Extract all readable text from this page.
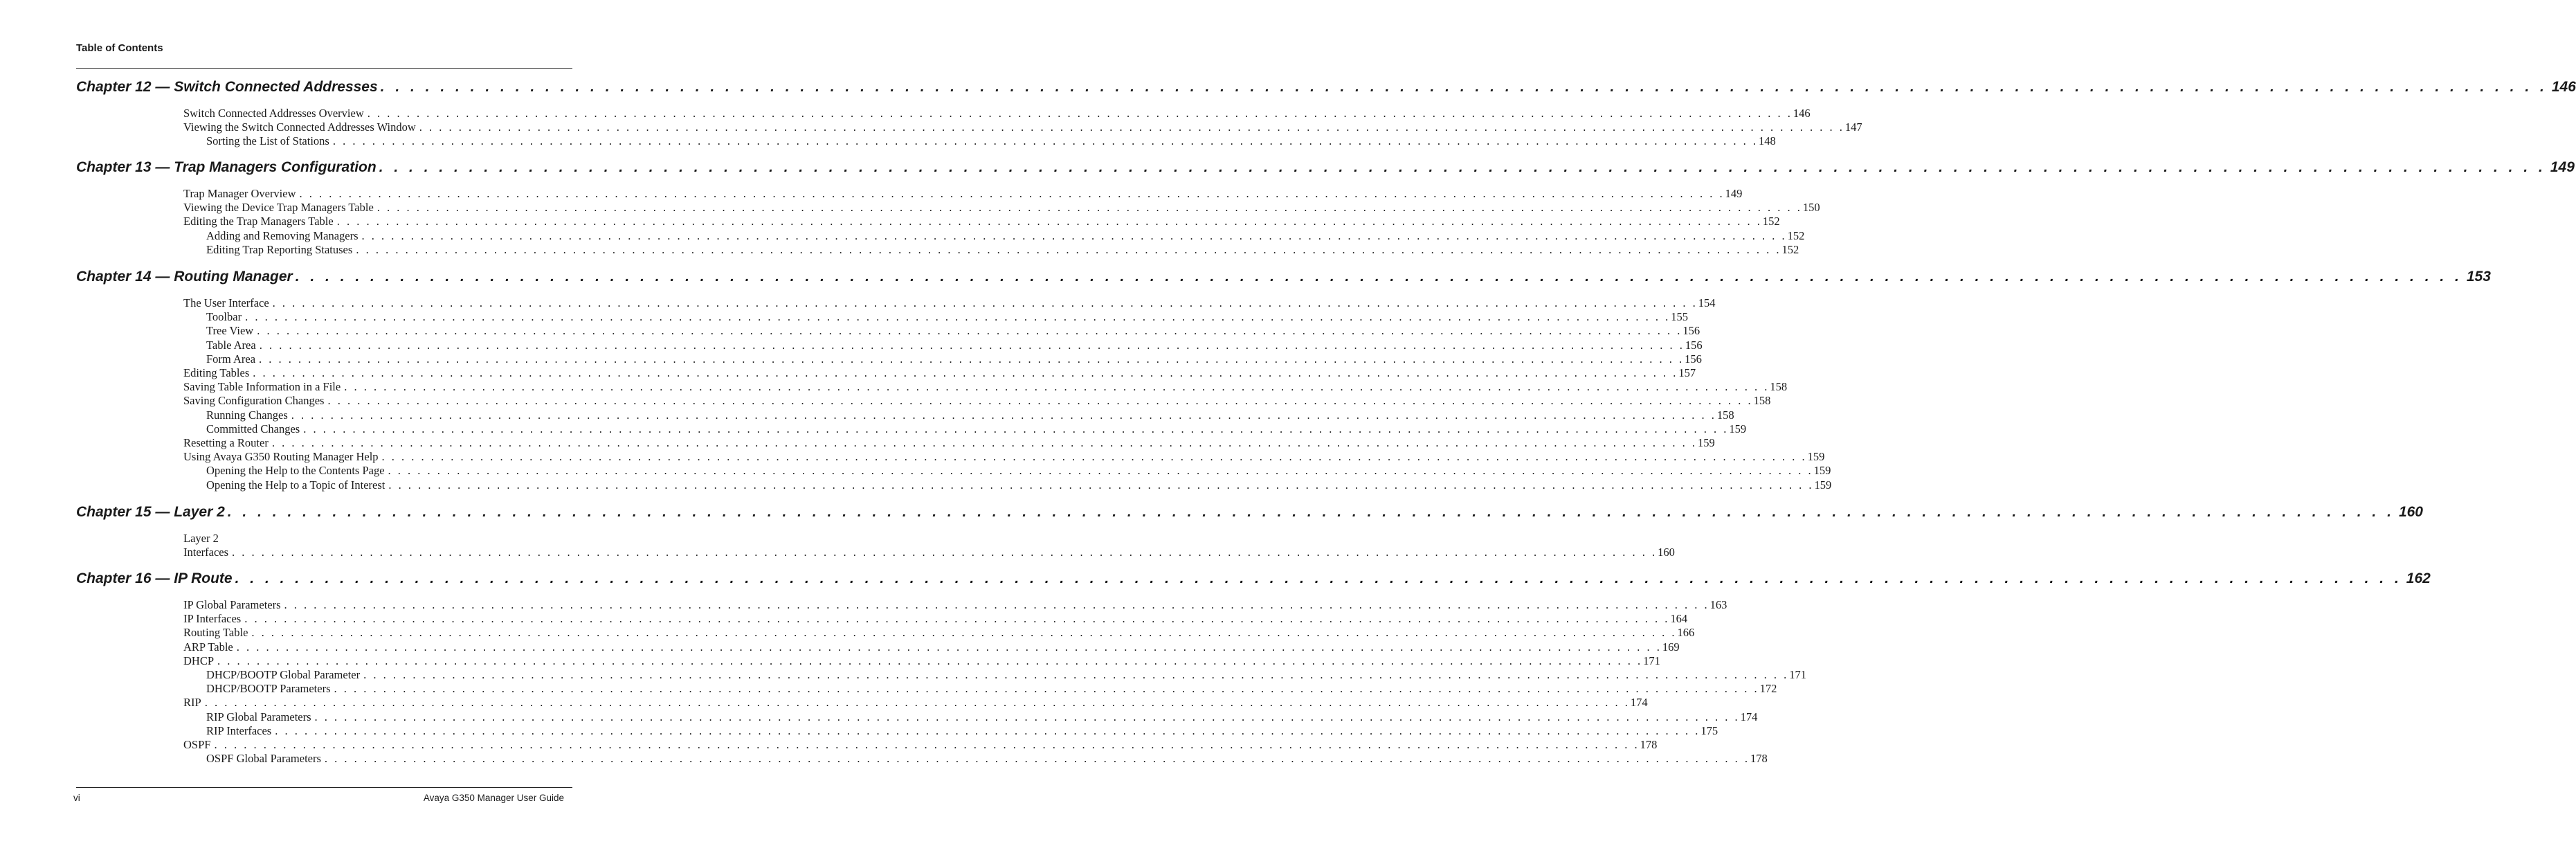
Table of Contents
Chapter 12 — Switch Connected Addresses . . . . . . . . . . . . . . . . . . . . . . . . . . . . . . . . . . . . . . . . . . . . . . . . . . . . . . . . . . . . . . . . . . . . . . . . . . . . . . . . . . . . . . . . . . . . . . . . . . . . . . . . . . . . . . . . . . . . . . . . . . . . . . . . . . . . . . . . . . . . . . . . . 146
Switch Connected Addresses Overview . . . . . . . . . . . . . . . . . . . . . . . . . . . . . . . . . . . . . . . . . . . . . . . . . . . . . . . . . . . . . . . . . . . . . . . . . . . . . . . . . . . . . . . . . . . . . . . . . . . . . . . . . . . . . . . . . . . . . . . . . . . . . . . . . . . . . . . . . . . . . . . . . 146
Viewing the Switch Connected Addresses Window . . . . . . . . . . . . . . . . . . . . . . . . . . . . . . . . . . . . . . . . . . . . . . . . . . . . . . . . . . . . . . . . . . . . . . . . . . . . . . . . . . . . . . . . . . . . . . . . . . . . . . . . . . . . . . . . . . . . . . . . . . . . . . . . . . . . . . . . . . . . . . . . . 147
Sorting the List of Stations . . . . . . . . . . . . . . . . . . . . . . . . . . . . . . . . . . . . . . . . . . . . . . . . . . . . . . . . . . . . . . . . . . . . . . . . . . . . . . . . . . . . . . . . . . . . . . . . . . . . . . . . . . . . . . . . . . . . . . . . . . . . . . . . . . . . . . . . . . . . . . . . . 148
Chapter 13 — Trap Managers Configuration . . . . . . . . . . . . . . . . . . . . . . . . . . . . . . . . . . . . . . . . . . . . . . . . . . . . . . . . . . . . . . . . . . . . . . . . . . . . . . . . . . . . . . . . . . . . . . . . . . . . . . . . . . . . . . . . . . . . . . . . . . . . . . . . . . . . . . . . . . . . . . . . . 149
Trap Manager Overview . . . . . . . . . . . . . . . . . . . . . . . . . . . . . . . . . . . . . . . . . . . . . . . . . . . . . . . . . . . . . . . . . . . . . . . . . . . . . . . . . . . . . . . . . . . . . . . . . . . . . . . . . . . . . . . . . . . . . . . . . . . . . . . . . . . . . . . . . . . . . . . . . 149
Viewing the Device Trap Managers Table . . . . . . . . . . . . . . . . . . . . . . . . . . . . . . . . . . . . . . . . . . . . . . . . . . . . . . . . . . . . . . . . . . . . . . . . . . . . . . . . . . . . . . . . . . . . . . . . . . . . . . . . . . . . . . . . . . . . . . . . . . . . . . . . . . . . . . . . . . . . . . . . . 150
Editing the Trap Managers Table . . . . . . . . . . . . . . . . . . . . . . . . . . . . . . . . . . . . . . . . . . . . . . . . . . . . . . . . . . . . . . . . . . . . . . . . . . . . . . . . . . . . . . . . . . . . . . . . . . . . . . . . . . . . . . . . . . . . . . . . . . . . . . . . . . . . . . . . . . . . . . . . . 152
Adding and Removing Managers . . . . . . . . . . . . . . . . . . . . . . . . . . . . . . . . . . . . . . . . . . . . . . . . . . . . . . . . . . . . . . . . . . . . . . . . . . . . . . . . . . . . . . . . . . . . . . . . . . . . . . . . . . . . . . . . . . . . . . . . . . . . . . . . . . . . . . . . . . . . . . . . . 152
Editing Trap Reporting Statuses . . . . . . . . . . . . . . . . . . . . . . . . . . . . . . . . . . . . . . . . . . . . . . . . . . . . . . . . . . . . . . . . . . . . . . . . . . . . . . . . . . . . . . . . . . . . . . . . . . . . . . . . . . . . . . . . . . . . . . . . . . . . . . . . . . . . . . . . . . . . . . . . . 152
Chapter 14 — Routing Manager . . . . . . . . . . . . . . . . . . . . . . . . . . . . . . . . . . . . . . . . . . . . . . . . . . . . . . . . . . . . . . . . . . . . . . . . . . . . . . . . . . . . . . . . . . . . . . . . . . . . . . . . . . . . . . . . . . . . . . . . . . . . . . . . . . . . . . . . . . . . . . . . . 153
The User Interface . . . . . . . . . . . . . . . . . . . . . . . . . . . . . . . . . . . . . . . . . . . . . . . . . . . . . . . . . . . . . . . . . . . . . . . . . . . . . . . . . . . . . . . . . . . . . . . . . . . . . . . . . . . . . . . . . . . . . . . . . . . . . . . . . . . . . . . . . . . . . . . . . 154
Toolbar . . . . . . . . . . . . . . . . . . . . . . . . . . . . . . . . . . . . . . . . . . . . . . . . . . . . . . . . . . . . . . . . . . . . . . . . . . . . . . . . . . . . . . . . . . . . . . . . . . . . . . . . . . . . . . . . . . . . . . . . . . . . . . . . . . . . . . . . . . . . . . . . . 155
Tree View . . . . . . . . . . . . . . . . . . . . . . . . . . . . . . . . . . . . . . . . . . . . . . . . . . . . . . . . . . . . . . . . . . . . . . . . . . . . . . . . . . . . . . . . . . . . . . . . . . . . . . . . . . . . . . . . . . . . . . . . . . . . . . . . . . . . . . . . . . . . . . . . . 156
Table Area . . . . . . . . . . . . . . . . . . . . . . . . . . . . . . . . . . . . . . . . . . . . . . . . . . . . . . . . . . . . . . . . . . . . . . . . . . . . . . . . . . . . . . . . . . . . . . . . . . . . . . . . . . . . . . . . . . . . . . . . . . . . . . . . . . . . . . . . . . . . . . . . . 156
Form Area . . . . . . . . . . . . . . . . . . . . . . . . . . . . . . . . . . . . . . . . . . . . . . . . . . . . . . . . . . . . . . . . . . . . . . . . . . . . . . . . . . . . . . . . . . . . . . . . . . . . . . . . . . . . . . . . . . . . . . . . . . . . . . . . . . . . . . . . . . . . . . . . . 156
Editing Tables . . . . . . . . . . . . . . . . . . . . . . . . . . . . . . . . . . . . . . . . . . . . . . . . . . . . . . . . . . . . . . . . . . . . . . . . . . . . . . . . . . . . . . . . . . . . . . . . . . . . . . . . . . . . . . . . . . . . . . . . . . . . . . . . . . . . . . . . . . . . . . . . . 157
Saving Table Information in a File . . . . . . . . . . . . . . . . . . . . . . . . . . . . . . . . . . . . . . . . . . . . . . . . . . . . . . . . . . . . . . . . . . . . . . . . . . . . . . . . . . . . . . . . . . . . . . . . . . . . . . . . . . . . . . . . . . . . . . . . . . . . . . . . . . . . . . . . . . . . . . . . . 158
Saving Configuration Changes . . . . . . . . . . . . . . . . . . . . . . . . . . . . . . . . . . . . . . . . . . . . . . . . . . . . . . . . . . . . . . . . . . . . . . . . . . . . . . . . . . . . . . . . . . . . . . . . . . . . . . . . . . . . . . . . . . . . . . . . . . . . . . . . . . . . . . . . . . . . . . . . . 158
Running Changes . . . . . . . . . . . . . . . . . . . . . . . . . . . . . . . . . . . . . . . . . . . . . . . . . . . . . . . . . . . . . . . . . . . . . . . . . . . . . . . . . . . . . . . . . . . . . . . . . . . . . . . . . . . . . . . . . . . . . . . . . . . . . . . . . . . . . . . . . . . . . . . . . 158
Committed Changes . . . . . . . . . . . . . . . . . . . . . . . . . . . . . . . . . . . . . . . . . . . . . . . . . . . . . . . . . . . . . . . . . . . . . . . . . . . . . . . . . . . . . . . . . . . . . . . . . . . . . . . . . . . . . . . . . . . . . . . . . . . . . . . . . . . . . . . . . . . . . . . . . 159
Resetting a Router . . . . . . . . . . . . . . . . . . . . . . . . . . . . . . . . . . . . . . . . . . . . . . . . . . . . . . . . . . . . . . . . . . . . . . . . . . . . . . . . . . . . . . . . . . . . . . . . . . . . . . . . . . . . . . . . . . . . . . . . . . . . . . . . . . . . . . . . . . . . . . . . . 159
Using Avaya G350 Routing Manager Help . . . . . . . . . . . . . . . . . . . . . . . . . . . . . . . . . . . . . . . . . . . . . . . . . . . . . . . . . . . . . . . . . . . . . . . . . . . . . . . . . . . . . . . . . . . . . . . . . . . . . . . . . . . . . . . . . . . . . . . . . . . . . . . . . . . . . . . . . . . . . . . . . 159
Opening the Help to the Contents Page . . . . . . . . . . . . . . . . . . . . . . . . . . . . . . . . . . . . . . . . . . . . . . . . . . . . . . . . . . . . . . . . . . . . . . . . . . . . . . . . . . . . . . . . . . . . . . . . . . . . . . . . . . . . . . . . . . . . . . . . . . . . . . . . . . . . . . . . . . . . . . . . . 159
Opening the Help to a Topic of Interest . . . . . . . . . . . . . . . . . . . . . . . . . . . . . . . . . . . . . . . . . . . . . . . . . . . . . . . . . . . . . . . . . . . . . . . . . . . . . . . . . . . . . . . . . . . . . . . . . . . . . . . . . . . . . . . . . . . . . . . . . . . . . . . . . . . . . . . . . . . . . . . . . 159
Chapter 15 — Layer 2 . . . . . . . . . . . . . . . . . . . . . . . . . . . . . . . . . . . . . . . . . . . . . . . . . . . . . . . . . . . . . . . . . . . . . . . . . . . . . . . . . . . . . . . . . . . . . . . . . . . . . . . . . . . . . . . . . . . . . . . . . . . . . . . . . . . . . . . . . . . . . . . . . 160
Layer 2
Interfaces . . . . . . . . . . . . . . . . . . . . . . . . . . . . . . . . . . . . . . . . . . . . . . . . . . . . . . . . . . . . . . . . . . . . . . . . . . . . . . . . . . . . . . . . . . . . . . . . . . . . . . . . . . . . . . . . . . . . . . . . . . . . . . . . . . . . . . . . . . . . . . . . . 160
Chapter 16 — IP Route . . . . . . . . . . . . . . . . . . . . . . . . . . . . . . . . . . . . . . . . . . . . . . . . . . . . . . . . . . . . . . . . . . . . . . . . . . . . . . . . . . . . . . . . . . . . . . . . . . . . . . . . . . . . . . . . . . . . . . . . . . . . . . . . . . . . . . . . . . . . . . . . . 162
IP Global Parameters . . . . . . . . . . . . . . . . . . . . . . . . . . . . . . . . . . . . . . . . . . . . . . . . . . . . . . . . . . . . . . . . . . . . . . . . . . . . . . . . . . . . . . . . . . . . . . . . . . . . . . . . . . . . . . . . . . . . . . . . . . . . . . . . . . . . . . . . . . . . . . . . . 163
IP Interfaces . . . . . . . . . . . . . . . . . . . . . . . . . . . . . . . . . . . . . . . . . . . . . . . . . . . . . . . . . . . . . . . . . . . . . . . . . . . . . . . . . . . . . . . . . . . . . . . . . . . . . . . . . . . . . . . . . . . . . . . . . . . . . . . . . . . . . . . . . . . . . . . . . 164
Routing Table . . . . . . . . . . . . . . . . . . . . . . . . . . . . . . . . . . . . . . . . . . . . . . . . . . . . . . . . . . . . . . . . . . . . . . . . . . . . . . . . . . . . . . . . . . . . . . . . . . . . . . . . . . . . . . . . . . . . . . . . . . . . . . . . . . . . . . . . . . . . . . . . . 166
ARP Table . . . . . . . . . . . . . . . . . . . . . . . . . . . . . . . . . . . . . . . . . . . . . . . . . . . . . . . . . . . . . . . . . . . . . . . . . . . . . . . . . . . . . . . . . . . . . . . . . . . . . . . . . . . . . . . . . . . . . . . . . . . . . . . . . . . . . . . . . . . . . . . . . 169
DHCP . . . . . . . . . . . . . . . . . . . . . . . . . . . . . . . . . . . . . . . . . . . . . . . . . . . . . . . . . . . . . . . . . . . . . . . . . . . . . . . . . . . . . . . . . . . . . . . . . . . . . . . . . . . . . . . . . . . . . . . . . . . . . . . . . . . . . . . . . . . . . . . . . 171
DHCP/BOOTP Global Parameter . . . . . . . . . . . . . . . . . . . . . . . . . . . . . . . . . . . . . . . . . . . . . . . . . . . . . . . . . . . . . . . . . . . . . . . . . . . . . . . . . . . . . . . . . . . . . . . . . . . . . . . . . . . . . . . . . . . . . . . . . . . . . . . . . . . . . . . . . . . . . . . . . 171
DHCP/BOOTP Parameters . . . . . . . . . . . . . . . . . . . . . . . . . . . . . . . . . . . . . . . . . . . . . . . . . . . . . . . . . . . . . . . . . . . . . . . . . . . . . . . . . . . . . . . . . . . . . . . . . . . . . . . . . . . . . . . . . . . . . . . . . . . . . . . . . . . . . . . . . . . . . . . . . 172
RIP . . . . . . . . . . . . . . . . . . . . . . . . . . . . . . . . . . . . . . . . . . . . . . . . . . . . . . . . . . . . . . . . . . . . . . . . . . . . . . . . . . . . . . . . . . . . . . . . . . . . . . . . . . . . . . . . . . . . . . . . . . . . . . . . . . . . . . . . . . . . . . . . . 174
RIP Global Parameters . . . . . . . . . . . . . . . . . . . . . . . . . . . . . . . . . . . . . . . . . . . . . . . . . . . . . . . . . . . . . . . . . . . . . . . . . . . . . . . . . . . . . . . . . . . . . . . . . . . . . . . . . . . . . . . . . . . . . . . . . . . . . . . . . . . . . . . . . . . . . . . . . 174
RIP Interfaces . . . . . . . . . . . . . . . . . . . . . . . . . . . . . . . . . . . . . . . . . . . . . . . . . . . . . . . . . . . . . . . . . . . . . . . . . . . . . . . . . . . . . . . . . . . . . . . . . . . . . . . . . . . . . . . . . . . . . . . . . . . . . . . . . . . . . . . . . . . . . . . . . 175
OSPF . . . . . . . . . . . . . . . . . . . . . . . . . . . . . . . . . . . . . . . . . . . . . . . . . . . . . . . . . . . . . . . . . . . . . . . . . . . . . . . . . . . . . . . . . . . . . . . . . . . . . . . . . . . . . . . . . . . . . . . . . . . . . . . . . . . . . . . . . . . . . . . . . 178
OSPF Global Parameters . . . . . . . . . . . . . . . . . . . . . . . . . . . . . . . . . . . . . . . . . . . . . . . . . . . . . . . . . . . . . . . . . . . . . . . . . . . . . . . . . . . . . . . . . . . . . . . . . . . . . . . . . . . . . . . . . . . . . . . . . . . . . . . . . . . . . . . . . . . . . . . . . 178
vi	Avaya G350 Manager User Guide
